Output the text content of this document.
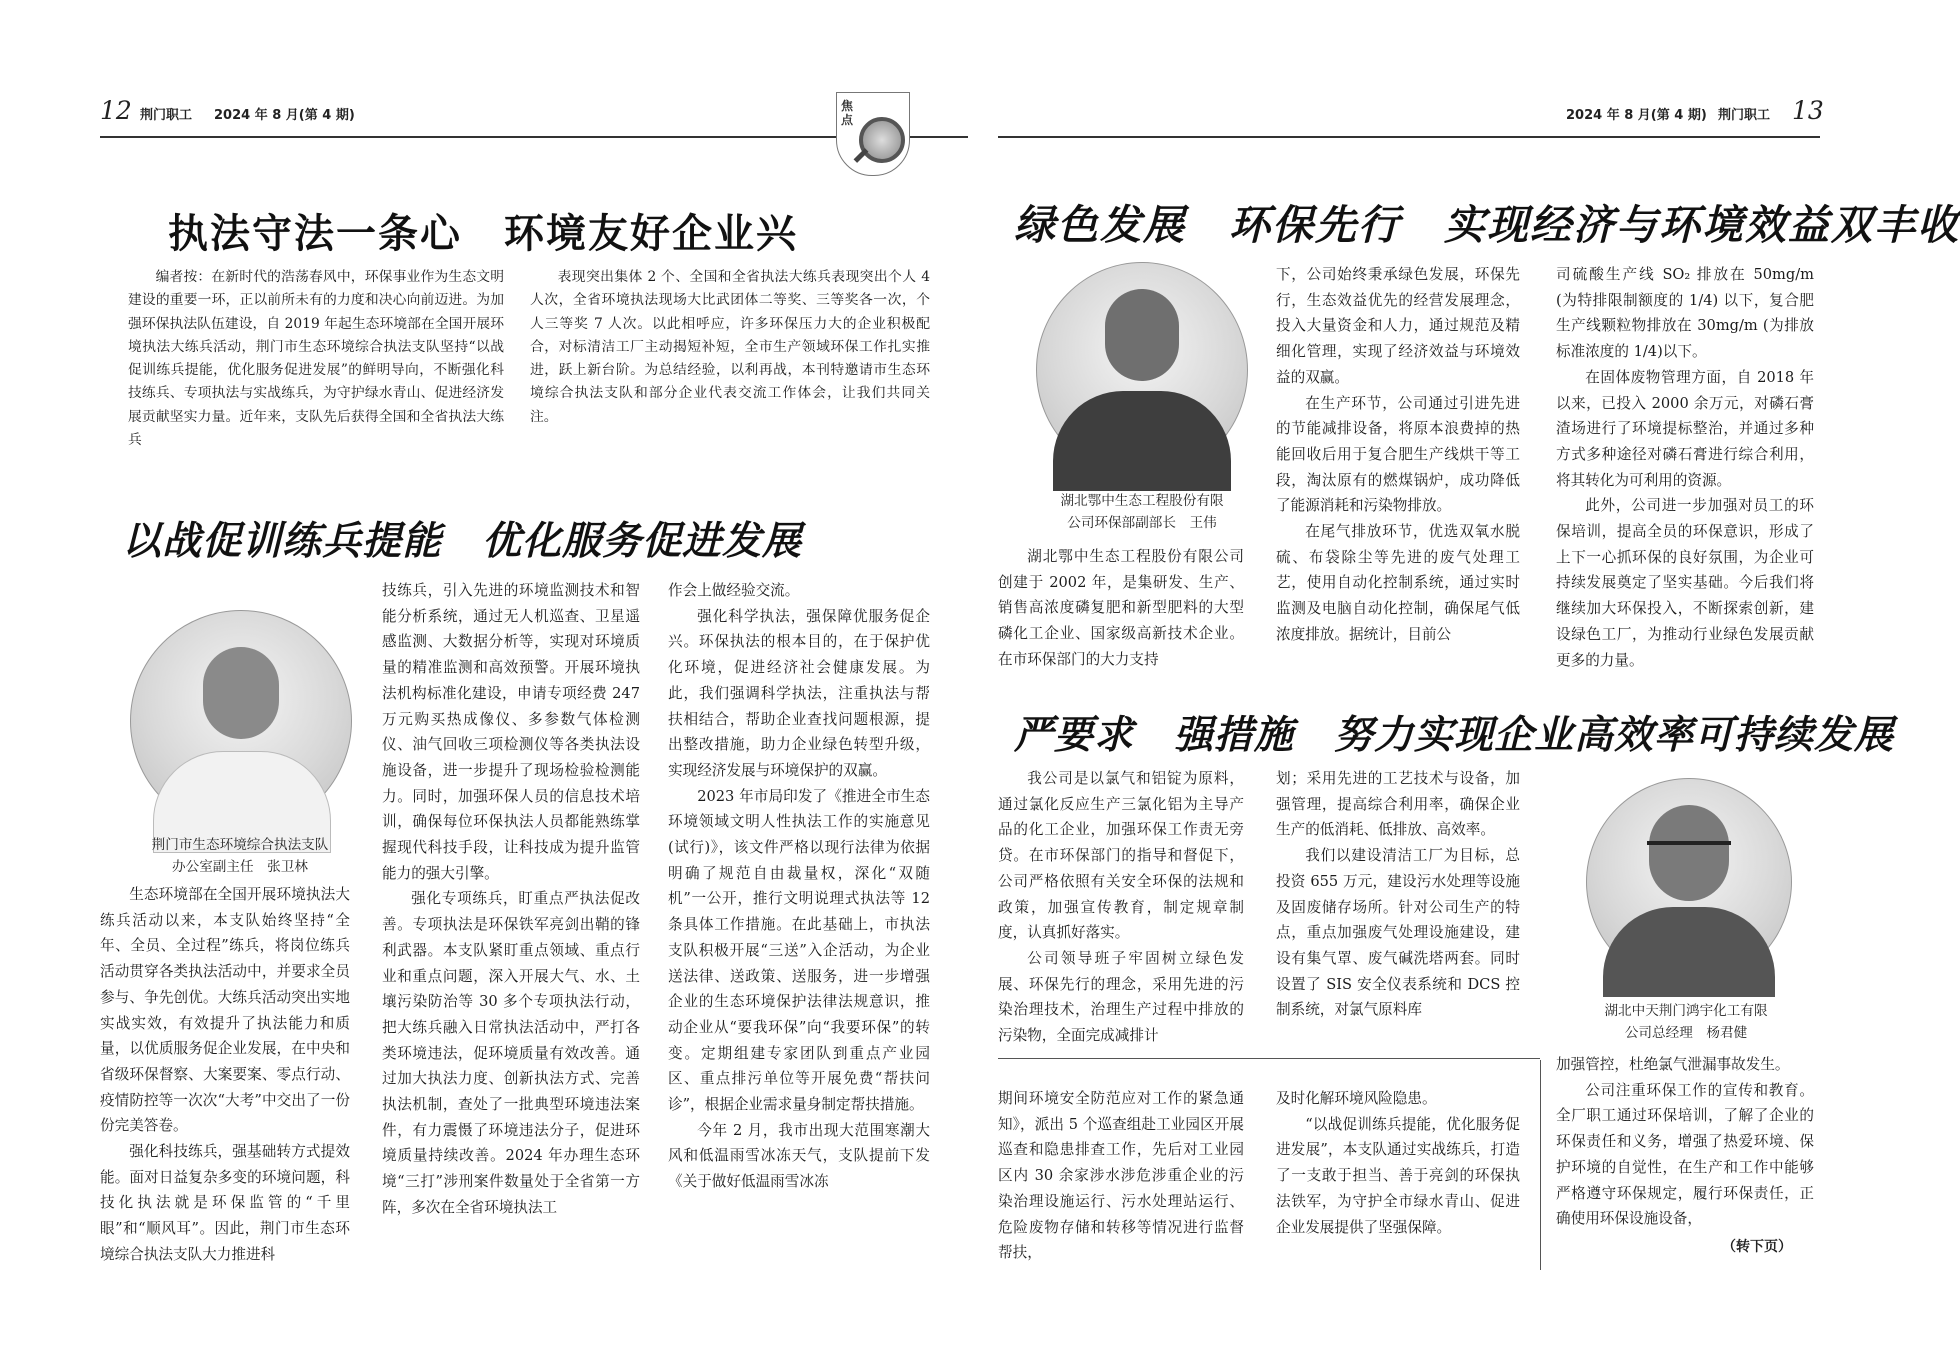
12 荆门职工 2024 年 8 月(第 4 期)
焦点	2024 年 8 月(第 4 期) 荆门职工 13
执法守法一条心　环境友好企业兴

编者按：在新时代的浩荡春风中，环保事业作为生态文明建设的重要一环，正以前所未有的力度和决心向前迈进。为加强环保执法队伍建设，自 2019 年起生态环境部在全国开展环境执法大练兵活动，荆门市生态环境综合执法支队坚持“以战促训练兵提能，优化服务促进发展”的鲜明导向，不断强化科技练兵、专项执法与实战练兵，为守护绿水青山、促进经济发展贡献坚实力量。近年来，支队先后获得全国和全省执法大练兵

表现突出集体 2 个、全国和全省执法大练兵表现突出个人 4 人次，全省环境执法现场大比武团体二等奖、三等奖各一次，个人三等奖 7 人次。以此相呼应，许多环保压力大的企业积极配合，对标清洁工厂主动揭短补短，全市生产领域环保工作扎实推进，跃上新台阶。为总结经验，以利再战，本刊特邀请市生态环境综合执法支队和部分企业代表交流工作体会，让我们共同关注。

以战促训练兵提能　优化服务促进发展
荆门市生态环境综合执法支队
办公室副主任　张卫林

生态环境部在全国开展环境执法大练兵活动以来，本支队始终坚持“全年、全员、全过程”练兵，将岗位练兵活动贯穿各类执法活动中，并要求全员参与、争先创优。大练兵活动突出实地实战实效，有效提升了执法能力和质量，以优质服务促企业发展，在中央和省级环保督察、大案要案、零点行动、疫情防控等一次次“大考”中交出了一份份完美答卷。

强化科技练兵，强基础转方式提效能。面对日益复杂多变的环境问题，科技化执法就是环保监管的“千里眼”和“顺风耳”。因此，荆门市生态环境综合执法支队大力推进科

技练兵，引入先进的环境监测技术和智能分析系统，通过无人机巡查、卫星遥感监测、大数据分析等，实现对环境质量的精准监测和高效预警。开展环境执法机构标准化建设，申请专项经费 247 万元购买热成像仪、多参数气体检测仪、油气回收三项检测仪等各类执法设施设备，进一步提升了现场检验检测能力。同时，加强环保人员的信息技术培训，确保每位环保执法人员都能熟练掌握现代科技手段，让科技成为提升监管能力的强大引擎。

强化专项练兵，盯重点严执法促改善。专项执法是环保铁军亮剑出鞘的锋利武器。本支队紧盯重点领域、重点行业和重点问题，深入开展大气、水、土壤污染防治等 30 多个专项执法行动，把大练兵融入日常执法活动中，严打各类环境违法，促环境质量有效改善。通过加大执法力度、创新执法方式、完善执法机制，查处了一批典型环境违法案件，有力震慑了环境违法分子，促进环境质量持续改善。2024 年办理生态环境“三打”涉刑案件数量处于全省第一方阵，多次在全省环境执法工

作会上做经验交流。

强化科学执法，强保障优服务促企兴。环保执法的根本目的，在于保护优化环境，促进经济社会健康发展。为此，我们强调科学执法，注重执法与帮扶相结合，帮助企业查找问题根源，提出整改措施，助力企业绿色转型升级，实现经济发展与环境保护的双赢。

2023 年市局印发了《推进全市生态环境领域文明人性执法工作的实施意见(试行)》，该文件严格以现行法律为依据明确了规范自由裁量权，深化“双随机”一公开，推行文明说理式执法等 12 条具体工作措施。在此基础上，市执法支队积极开展“三送”入企活动，为企业送法律、送政策、送服务，进一步增强企业的生态环境保护法律法规意识，推动企业从“要我环保”向“我要环保”的转变。定期组建专家团队到重点产业园区、重点排污单位等开展免费“帮扶问诊”，根据企业需求量身制定帮扶措施。

今年 2 月，我市出现大范围寒潮大风和低温雨雪冰冻天气，支队提前下发《关于做好低温雨雪冰冻

期间环境安全防范应对工作的紧急通知》，派出 5 个巡查组赴工业园区开展巡查和隐患排查工作，先后对工业园区内 30 余家涉水涉危涉重企业的污染治理设施运行、污水处理站运行、危险废物存储和转移等情况进行监督帮扶，

及时化解环境风险隐患。

“以战促训练兵提能，优化服务促进发展”，本支队通过实战练兵，打造了一支敢于担当、善于亮剑的环保执法铁军，为守护全市绿水青山、促进企业发展提供了坚强保障。

绿色发展　环保先行　实现经济与环境效益双丰收
湖北鄂中生态工程股份有限
公司环保部副部长　王伟

湖北鄂中生态工程股份有限公司创建于 2002 年，是集研发、生产、销售高浓度磷复肥和新型肥料的大型磷化工企业、国家级高新技术企业。在市环保部门的大力支持

下，公司始终秉承绿色发展，环保先行，生态效益优先的经营发展理念，投入大量资金和人力，通过规范及精细化管理，实现了经济效益与环境效益的双赢。

在生产环节，公司通过引进先进的节能减排设备，将原本浪费掉的热能回收后用于复合肥生产线烘干等工段，淘汰原有的燃煤锅炉，成功降低了能源消耗和污染物排放。

在尾气排放环节，优选双氧水脱硫、布袋除尘等先进的废气处理工艺，使用自动化控制系统，通过实时监测及电脑自动化控制，确保尾气低浓度排放。据统计，目前公

司硫酸生产线 SO₂ 排放在 50mg/m (为特排限制额度的 1/4) 以下，复合肥生产线颗粒物排放在 30mg/m (为排放标准浓度的 1/4)以下。

在固体废物管理方面，自 2018 年以来，已投入 2000 余万元，对磷石膏渣场进行了环境提标整治，并通过多种方式多种途径对磷石膏进行综合利用，将其转化为可利用的资源。

此外，公司进一步加强对员工的环保培训，提高全员的环保意识，形成了上下一心抓环保的良好氛围，为企业可持续发展奠定了坚实基础。今后我们将继续加大环保投入，不断探索创新，建设绿色工厂，为推动行业绿色发展贡献更多的力量。

严要求　强措施　努力实现企业高效率可持续发展

我公司是以氯气和铝锭为原料，通过氯化反应生产三氯化铝为主导产品的化工企业，加强环保工作责无旁贷。在市环保部门的指导和督促下，公司严格依照有关安全环保的法规和政策，加强宣传教育，制定规章制度，认真抓好落实。

公司领导班子牢固树立绿色发展、环保先行的理念，采用先进的污染治理技术，治理生产过程中排放的污染物，全面完成减排计

划；采用先进的工艺技术与设备，加强管理，提高综合利用率，确保企业生产的低消耗、低排放、高效率。

我们以建设清洁工厂为目标，总投资 655 万元，建设污水处理等设施及固废储存场所。针对公司生产的特点，重点加强废气处理设施建设，建设有集气罩、废气碱洗塔两套。同时设置了 SIS 安全仪表系统和 DCS 控制系统，对氯气原料库	湖北中天荆门鸿宇化工有限
公司总经理　杨君健

加强管控，杜绝氯气泄漏事故发生。

公司注重环保工作的宣传和教育。全厂职工通过环保培训，了解了企业的环保责任和义务，增强了热爱环境、保护环境的自觉性，在生产和工作中能够严格遵守环保规定，履行环保责任，正确使用环保设施设备，

（转下页）
